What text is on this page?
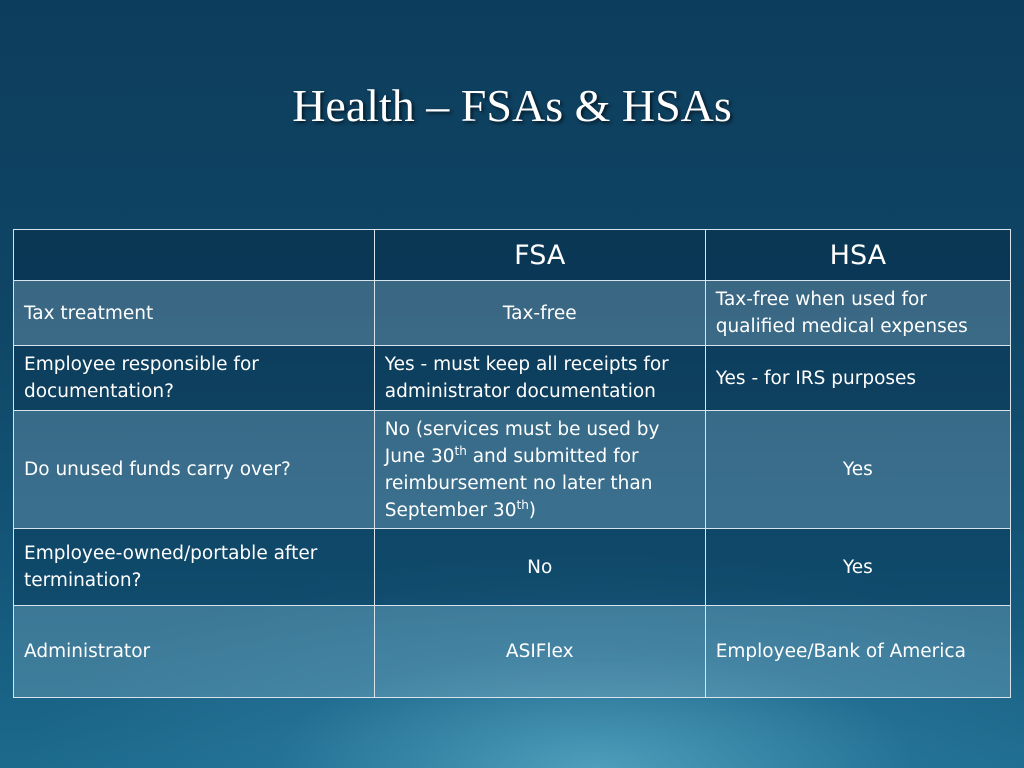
Health – FSAs & HSAs
	FSA	HSA
Tax treatment	Tax-free	Tax-free when used for qualified medical expenses
Employee responsible for documentation?	Yes - must keep all receipts for administrator documentation	Yes - for IRS purposes
Do unused funds carry over?	No (services must be used by June 30th and submitted for reimbursement no later than September 30th)	Yes
Employee-owned/portable after termination?	No	Yes
Administrator	ASIFlex	Employee/Bank of America
